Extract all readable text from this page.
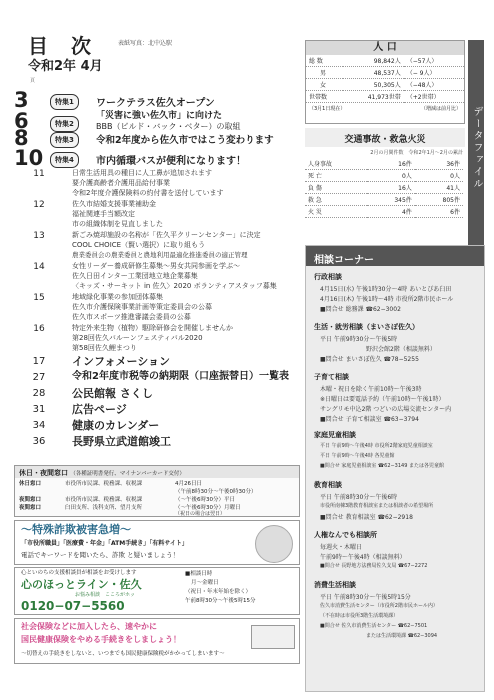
目 次	表紙写真：北中込駅
令和2年 4月
頁
3	特集1	ワークテラス佐久オープン
6	特集2
「災害に強い佐久市」に向けた
BBB（ビルド・バック・ベター）の取組
8	特集3	令和2年度から佐久市ではこう変わります
10	特集4	市内循環バスが便利になります！
11	日常生活用具の種目に人工鼻が追加されます
要介護高齢者介護用品給付事業
令和2年度介護保険料の約付書を送付しています
12	佐久市結婚支援事業補助金
福祉関連手当額改定
市の組織体制を見直しました
13	新ごみ焼却施設の名称が「佐久平クリーンセンター」に決定
COOL CHOICE（賢い選択）に取り組もう
農業委員会の農業委員と農地利用最適化推進委員の適正管理
14	女性リーダー養成研修生募集〜男女共同参画を学ぶ〜
佐久日田インター工業団地立地企業募集
〈キッズ・サーキット in 佐久〉2020 ボランティアスタッフ募集
15	地域緑化事業の参加団体募集
佐久市介護保険事業計画等策定委員会の公募
佐久市スポーツ推進審議会委員の公募
16	特定外来生物（植物）駆除研修会を開催しませんか
第28回佐久バルーンフェスティバル2020
第58回佐久鯉まつり
17	インフォメーション
27	令和2年度市税等の納期限（口座振替日）一覧表
28	公民館報 さくし
31	広告ページ
34	健康のカレンダー
36	長野県立武道館竣工
人 口
総 数	98,842人	（−57人）
男	48,537人	（− 9人）
女	50,305人	（−48人）
世帯数	41,973世帯	（+2世帯）
（3月1日現在）	（増減は前月比）
交通事故・救急火災
2月の月間件数　令和2年1月〜2月の累計
人身事故	16件	36件
死 亡	0人	0人
負 傷	16人	41人
救 急	345件	805件
火 災	4件	6件
データファイル
相談コーナー
行政相談
4月15日(水) 午後1時30分〜4時 あいとぴあ臼田
4月16日(木) 午後1時〜4時 市役所2階市民ホール
■問合せ 総務課 ☎62−3002
生活・就労相談（まいさぽ佐久）
平日 午前9時30分〜午後5時
野沢会館2階（相談無料）
■問合せ まいさぽ佐久 ☎78−5255
子育て相談
木曜・祝日を除く午前10時〜午後3時
※日曜日は要電話予約（午前10時〜午後1時）
サングリモ中込2階 つどいの広場交流センター内
■問合せ 子育て相談室 ☎63−3794
家庭児童相談
平日 午前9時〜午後4時 市役所2階家庭児童相談室
平日 午前9時〜午後4時 各児童館
■問合せ 家庭児童相談室 ☎62−3149 または各児童館
教育相談
平日 午前8時30分〜午後6時
市役所南棟3階教育相談室または相談者の希望場所
■問合せ 教育相談室 ☎62−2918
人権なんでも相談所
毎週火・木曜日
午前9時〜午後4時（相談無料）
■問合せ 長野地方法務局佐久支局 ☎67−2272
消費生活相談
平日 午前8時30分〜午後5時15分
佐久市消費生活センター（市役所2階市民ホール内）
（不在時は市役所3階生活環境課）
■問合せ 佐久市消費生活センター ☎62−7501
または生活環境課 ☎62−3094
休日・夜間窓口 （各種証明書発行、マイナンバーカード交付）
休日窓口	市役所市民課、税務課、収税課	4月26日日
（午前8時30分〜午後0時30分）
夜間窓口	市役所市民課、税務課、収税課	（〜午後6時30分）平日
夜間窓口	臼田支所、浅科支所、望月支所	（〜午後6時30分）月曜日
（祝日の場合は翌日）
〜特殊詐欺被害急増〜
「市役所職員」「医療費・年金」「ATM手続き」「有料サイト」
電話でキーワードを聞いたら、詐欺 と疑いましょう！
心といのちの支援相談員が相談をお受けします
心のほっとライン・佐久
お悩み相談　こころがホッ
0120−07−5560
■相談日時
月〜金曜日
（祝日・年末年始を除く）
午前8時30分〜午後5時15分
社会保険などに加入したら、速やかに
国民健康保険をやめる手続きをしましょう！
〜切替えの手続きをしないと、いつまでも国民健康保険税がかかってしまいます〜
